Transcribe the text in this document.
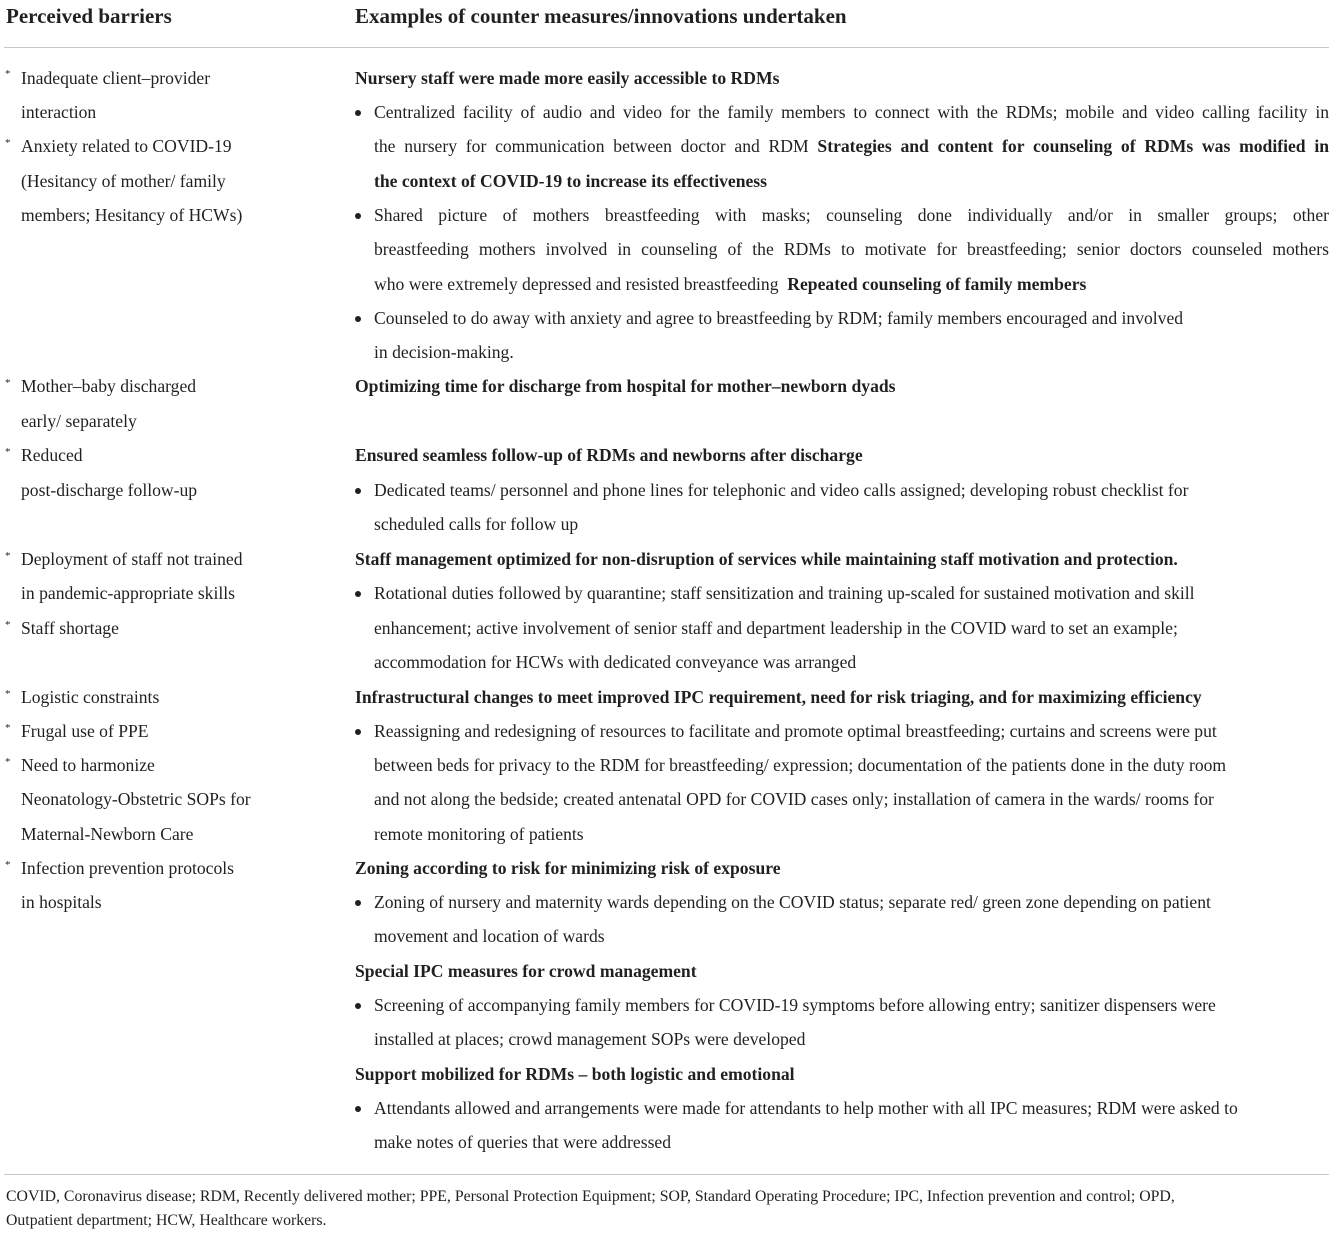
Perceived barriers	Examples of counter measures/innovations undertaken
* Inadequate client–provider
interaction
* Anxiety related to COVID-19
(Hesitancy of mother/ family
members; Hesitancy of HCWs)
* Mother–baby discharged
early/ separately
* Reduced
post-discharge follow-up
* Deployment of staff not trained
in pandemic-appropriate skills
* Staff shortage
* Logistic constraints
* Frugal use of PPE
* Need to harmonize
Neonatology-Obstetric SOPs for
Maternal-Newborn Care
* Infection prevention protocols
in hospitals
Nursery staff were made more easily accessible to RDMs
Centralized facility of audio and video for the family members to connect with the RDMs; mobile and video calling facility in
the nursery for communication between doctor and RDM Strategies and content for counseling of RDMs was modified in
the context of COVID-19 to increase its effectiveness
Shared picture of mothers breastfeeding with masks; counseling done individually and/or in smaller groups; other
breastfeeding mothers involved in counseling of the RDMs to motivate for breastfeeding; senior doctors counseled mothers
who were extremely depressed and resisted breastfeeding Repeated counseling of family members
Counseled to do away with anxiety and agree to breastfeeding by RDM; family members encouraged and involved
in decision-making.
Optimizing time for discharge from hospital for mother–newborn dyads
Ensured seamless follow-up of RDMs and newborns after discharge
Dedicated teams/ personnel and phone lines for telephonic and video calls assigned; developing robust checklist for
scheduled calls for follow up
Staff management optimized for non-disruption of services while maintaining staff motivation and protection.
Rotational duties followed by quarantine; staff sensitization and training up-scaled for sustained motivation and skill
enhancement; active involvement of senior staff and department leadership in the COVID ward to set an example;
accommodation for HCWs with dedicated conveyance was arranged
Infrastructural changes to meet improved IPC requirement, need for risk triaging, and for maximizing efficiency
Reassigning and redesigning of resources to facilitate and promote optimal breastfeeding; curtains and screens were put
between beds for privacy to the RDM for breastfeeding/ expression; documentation of the patients done in the duty room
and not along the bedside; created antenatal OPD for COVID cases only; installation of camera in the wards/ rooms for
remote monitoring of patients
Zoning according to risk for minimizing risk of exposure
Zoning of nursery and maternity wards depending on the COVID status; separate red/ green zone depending on patient
movement and location of wards
Special IPC measures for crowd management
Screening of accompanying family members for COVID-19 symptoms before allowing entry; sanitizer dispensers were
installed at places; crowd management SOPs were developed
Support mobilized for RDMs – both logistic and emotional
Attendants allowed and arrangements were made for attendants to help mother with all IPC measures; RDM were asked to
make notes of queries that were addressed
COVID, Coronavirus disease; RDM, Recently delivered mother; PPE, Personal Protection Equipment; SOP, Standard Operating Procedure; IPC, Infection prevention and control; OPD,
Outpatient department; HCW, Healthcare workers.
